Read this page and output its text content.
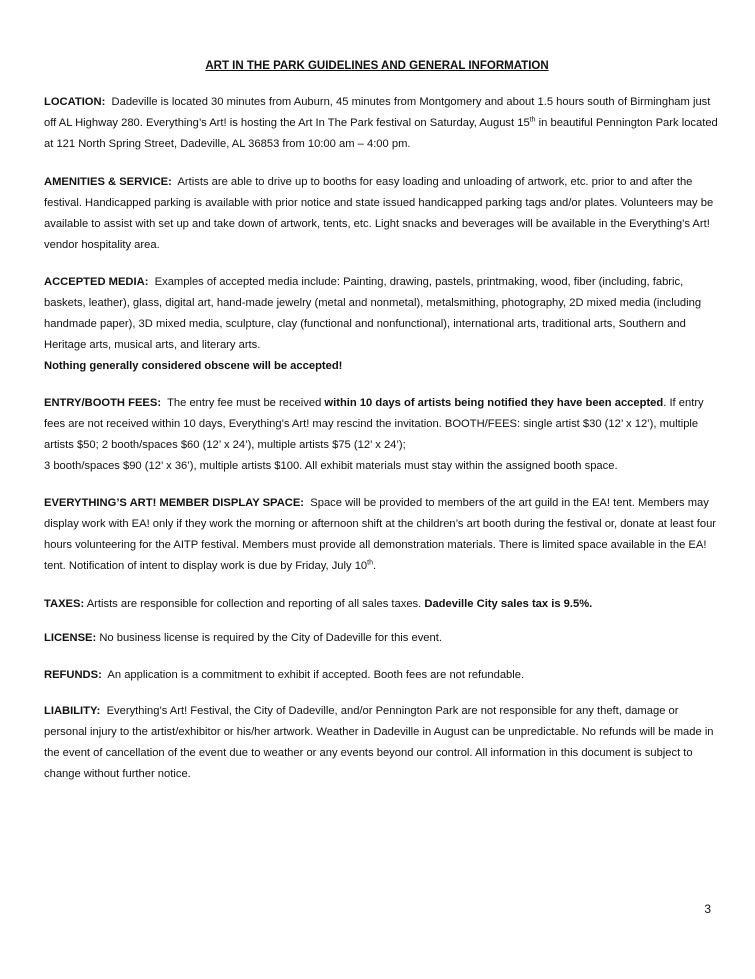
ART IN THE PARK GUIDELINES AND GENERAL INFORMATION
LOCATION: Dadeville is located 30 minutes from Auburn, 45 minutes from Montgomery and about 1.5 hours south of Birmingham just off AL Highway 280. Everything’s Art! is hosting the Art In The Park festival on Saturday, August 15th in beautiful Pennington Park located at 121 North Spring Street, Dadeville, AL 36853 from 10:00 am – 4:00 pm.
AMENITIES & SERVICE: Artists are able to drive up to booths for easy loading and unloading of artwork, etc. prior to and after the festival. Handicapped parking is available with prior notice and state issued handicapped parking tags and/or plates. Volunteers may be available to assist with set up and take down of artwork, tents, etc. Light snacks and beverages will be available in the Everything’s Art! vendor hospitality area.
ACCEPTED MEDIA: Examples of accepted media include: Painting, drawing, pastels, printmaking, wood, fiber (including, fabric, baskets, leather), glass, digital art, hand-made jewelry (metal and nonmetal), metalsmithing, photography, 2D mixed media (including handmade paper), 3D mixed media, sculpture, clay (functional and nonfunctional), international arts, traditional arts, Southern and Heritage arts, musical arts, and literary arts.
Nothing generally considered obscene will be accepted!
ENTRY/BOOTH FEES: The entry fee must be received within 10 days of artists being notified they have been accepted. If entry fees are not received within 10 days, Everything’s Art! may rescind the invitation. BOOTH/FEES: single artist $30 (12’ x 12’), multiple artists $50; 2 booth/spaces $60 (12’ x 24’), multiple artists $75 (12’ x 24’);
3 booth/spaces $90 (12’ x 36’), multiple artists $100. All exhibit materials must stay within the assigned booth space.
EVERYTHING’S ART! MEMBER DISPLAY SPACE: Space will be provided to members of the art guild in the EA! tent. Members may display work with EA! only if they work the morning or afternoon shift at the children’s art booth during the festival or, donate at least four hours volunteering for the AITP festival. Members must provide all demonstration materials. There is limited space available in the EA! tent. Notification of intent to display work is due by Friday, July 10th.
TAXES: Artists are responsible for collection and reporting of all sales taxes. Dadeville City sales tax is 9.5%.
LICENSE: No business license is required by the City of Dadeville for this event.
REFUNDS: An application is a commitment to exhibit if accepted. Booth fees are not refundable.
LIABILITY: Everything’s Art! Festival, the City of Dadeville, and/or Pennington Park are not responsible for any theft, damage or personal injury to the artist/exhibitor or his/her artwork. Weather in Dadeville in August can be unpredictable. No refunds will be made in the event of cancellation of the event due to weather or any events beyond our control. All information in this document is subject to change without further notice.
3
